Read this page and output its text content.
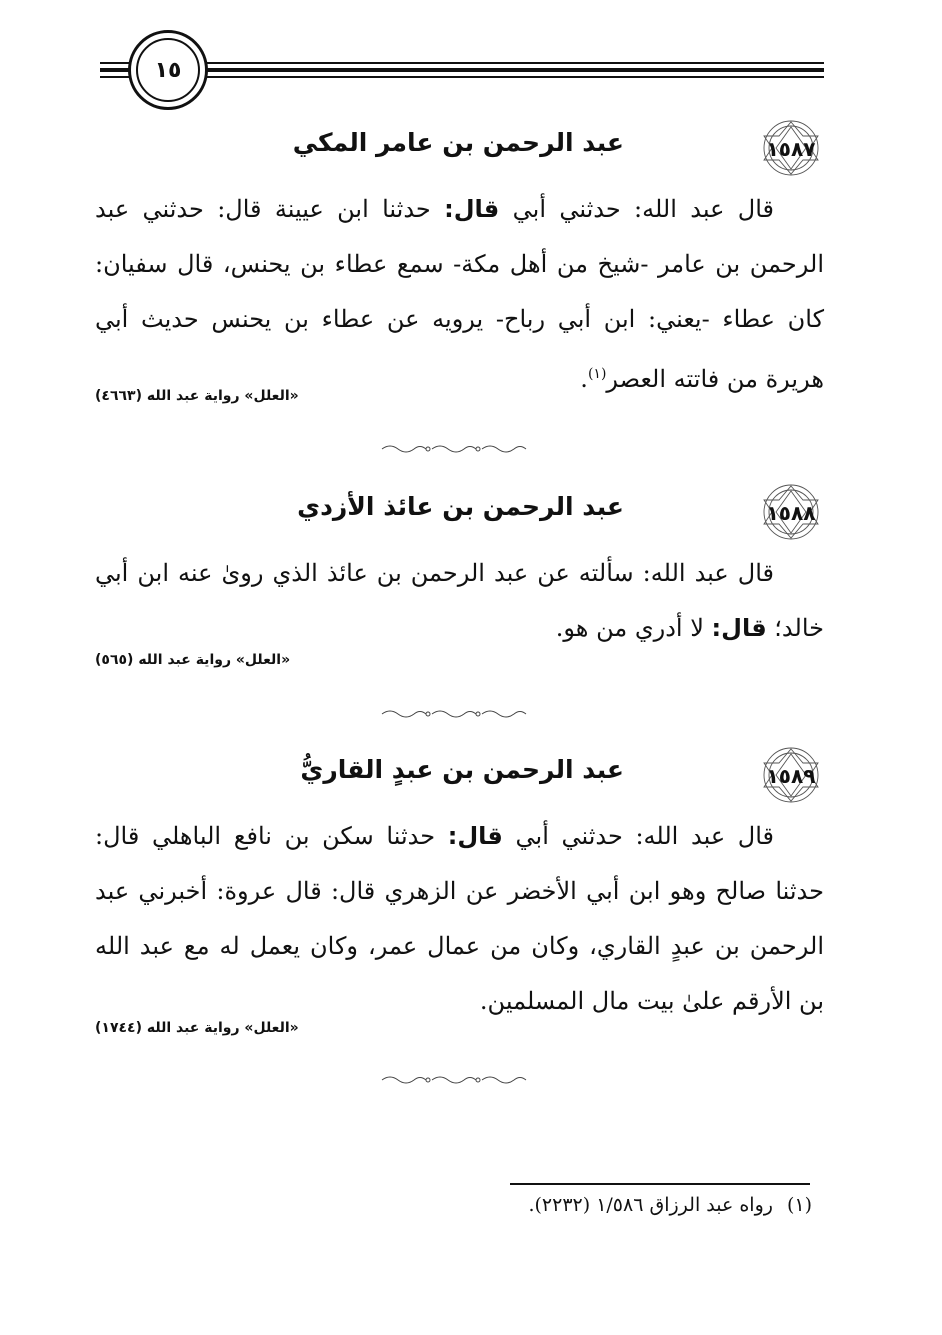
١٥
١٥٨٧
عبد الرحمن بن عامر المكي
قال عبد الله: حدثني أبي قال: حدثنا ابن عيينة قال: حدثني عبد الرحمن بن عامر -شيخ من أهل مكة- سمع عطاء بن يحنس، قال سفيان: كان عطاء -يعني: ابن أبي رباح- يرويه عن عطاء بن يحنس حديث أبي هريرة من فاتته العصر$^{(١)}$.
«العلل» رواية عبد الله (٤٦٦٣)
١٥٨٨
عبد الرحمن بن عائذ الأزدي
قال عبد الله: سألته عن عبد الرحمن بن عائذ الذي روىٰ عنه ابن أبي خالد؛ قال: لا أدري من هو.
«العلل» رواية عبد الله (٥٦٥)
١٥٨٩
عبد الرحمن بن عبدٍ القاريُّ
قال عبد الله: حدثني أبي قال: حدثنا سكن بن نافع الباهلي قال: حدثنا صالح وهو ابن أبي الأخضر عن الزهري قال: قال عروة: أخبرني عبد الرحمن بن عبدٍ القاري، وكان من عمال عمر، وكان يعمل له مع عبد الله بن الأرقم علىٰ بيت مال المسلمين.
«العلل» رواية عبد الله (١٧٤٤)
(١)رواه عبد الرزاق ١/٥٨٦ (٢٢٣٢).
